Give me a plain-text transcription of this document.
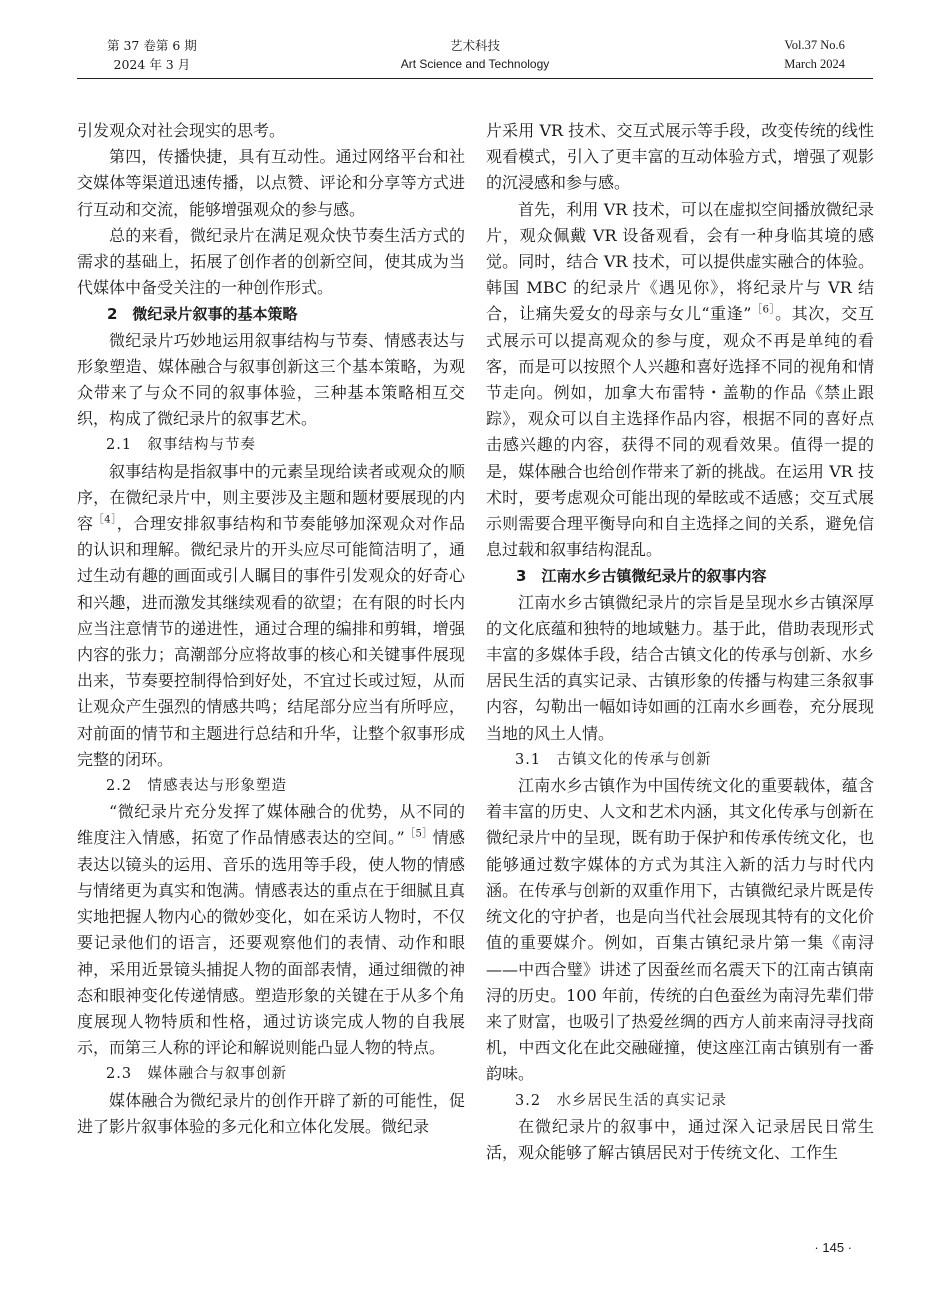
第 37 卷第 6 期
2024 年 3 月
艺术科技
Art Science and Technology
Vol.37 No.6
March 2024

引发观众对社会现实的思考。

第四，传播快捷，具有互动性。通过网络平台和社交媒体等渠道迅速传播，以点赞、评论和分享等方式进行互动和交流，能够增强观众的参与感。

总的来看，微纪录片在满足观众快节奏生活方式的需求的基础上，拓展了创作者的创新空间，使其成为当代媒体中备受关注的一种创作形式。

2　微纪录片叙事的基本策略

微纪录片巧妙地运用叙事结构与节奏、情感表达与形象塑造、媒体融合与叙事创新这三个基本策略，为观众带来了与众不同的叙事体验，三种基本策略相互交织，构成了微纪录片的叙事艺术。

2.1　叙事结构与节奏

叙事结构是指叙事中的元素呈现给读者或观众的顺序，在微纪录片中，则主要涉及主题和题材要展现的内容$^{[4]}$，合理安排叙事结构和节奏能够加深观众对作品的认识和理解。微纪录片的开头应尽可能简洁明了，通过生动有趣的画面或引人瞩目的事件引发观众的好奇心和兴趣，进而激发其继续观看的欲望；在有限的时长内应当注意情节的递进性，通过合理的编排和剪辑，增强内容的张力；高潮部分应将故事的核心和关键事件展现出来，节奏要控制得恰到好处，不宜过长或过短，从而让观众产生强烈的情感共鸣；结尾部分应当有所呼应，对前面的情节和主题进行总结和升华，让整个叙事形成完整的闭环。

2.2　情感表达与形象塑造

“微纪录片充分发挥了媒体融合的优势，从不同的维度注入情感，拓宽了作品情感表达的空间。”$^{[5]}$情感表达以镜头的运用、音乐的选用等手段，使人物的情感与情绪更为真实和饱满。情感表达的重点在于细腻且真实地把握人物内心的微妙变化，如在采访人物时，不仅要记录他们的语言，还要观察他们的表情、动作和眼神，采用近景镜头捕捉人物的面部表情，通过细微的神态和眼神变化传递情感。塑造形象的关键在于从多个角度展现人物特质和性格，通过访谈完成人物的自我展示，而第三人称的评论和解说则能凸显人物的特点。

2.3　媒体融合与叙事创新

媒体融合为微纪录片的创作开辟了新的可能性，促进了影片叙事体验的多元化和立体化发展。微纪录

片采用 VR 技术、交互式展示等手段，改变传统的线性观看模式，引入了更丰富的互动体验方式，增强了观影的沉浸感和参与感。

首先，利用 VR 技术，可以在虚拟空间播放微纪录片，观众佩戴 VR 设备观看，会有一种身临其境的感觉。同时，结合 VR 技术，可以提供虚实融合的体验。韩国 MBC 的纪录片《遇见你》，将纪录片与 VR 结合，让痛失爱女的母亲与女儿“重逢”$^{[6]}$。其次，交互式展示可以提高观众的参与度，观众不再是单纯的看客，而是可以按照个人兴趣和喜好选择不同的视角和情节走向。例如，加拿大布雷特・盖勒的作品《禁止跟踪》，观众可以自主选择作品内容，根据不同的喜好点击感兴趣的内容，获得不同的观看效果。值得一提的是，媒体融合也给创作带来了新的挑战。在运用 VR 技术时，要考虑观众可能出现的晕眩或不适感；交互式展示则需要合理平衡导向和自主选择之间的关系，避免信息过载和叙事结构混乱。

3　江南水乡古镇微纪录片的叙事内容

江南水乡古镇微纪录片的宗旨是呈现水乡古镇深厚的文化底蕴和独特的地域魅力。基于此，借助表现形式丰富的多媒体手段，结合古镇文化的传承与创新、水乡居民生活的真实记录、古镇形象的传播与构建三条叙事内容，勾勒出一幅如诗如画的江南水乡画卷，充分展现当地的风土人情。

3.1　古镇文化的传承与创新

江南水乡古镇作为中国传统文化的重要载体，蕴含着丰富的历史、人文和艺术内涵，其文化传承与创新在微纪录片中的呈现，既有助于保护和传承传统文化，也能够通过数字媒体的方式为其注入新的活力与时代内涵。在传承与创新的双重作用下，古镇微纪录片既是传统文化的守护者，也是向当代社会展现其特有的文化价值的重要媒介。例如，百集古镇纪录片第一集《南浔——中西合璧》讲述了因蚕丝而名震天下的江南古镇南浔的历史。100 年前，传统的白色蚕丝为南浔先辈们带来了财富，也吸引了热爱丝绸的西方人前来南浔寻找商机，中西文化在此交融碰撞，使这座江南古镇别有一番韵味。

3.2　水乡居民生活的真实记录

在微纪录片的叙事中，通过深入记录居民日常生活，观众能够了解古镇居民对于传统文化、工作生

· 145 ·
